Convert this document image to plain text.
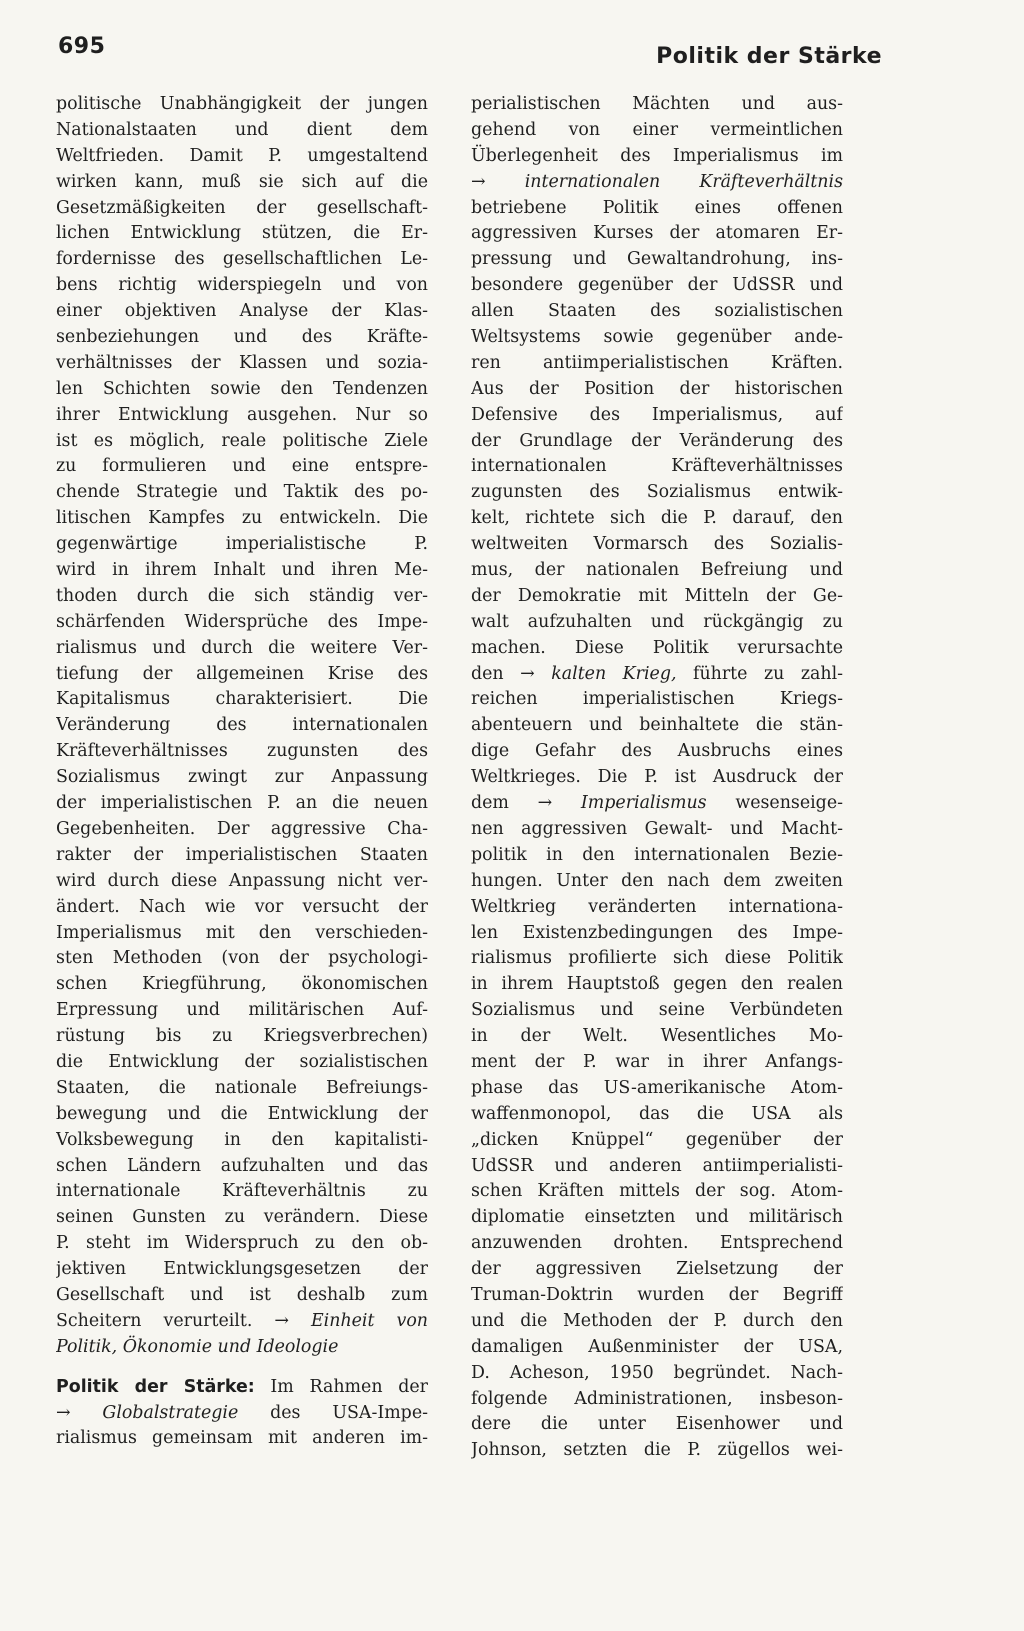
695	Politik der Stärke
politische Unabhängigkeit der jungen
Nationalstaaten und dient dem
Weltfrieden. Damit P. umgestaltend
wirken kann, muß sie sich auf die
Gesetzmäßigkeiten der gesellschaft-
lichen Entwicklung stützen, die Er-
fordernisse des gesellschaftlichen Le-
bens richtig widerspiegeln und von
einer objektiven Analyse der Klas-
senbeziehungen und des Kräfte-
verhältnisses der Klassen und sozia-
len Schichten sowie den Tendenzen
ihrer Entwicklung ausgehen. Nur so
ist es möglich, reale politische Ziele
zu formulieren und eine entspre-
chende Strategie und Taktik des po-
litischen Kampfes zu entwickeln. Die
gegenwärtige imperialistische P.
wird in ihrem Inhalt und ihren Me-
thoden durch die sich ständig ver-
schärfenden Widersprüche des Impe-
rialismus und durch die weitere Ver-
tiefung der allgemeinen Krise des
Kapitalismus charakterisiert. Die
Veränderung des internationalen
Kräfteverhältnisses zugunsten des
Sozialismus zwingt zur Anpassung
der imperialistischen P. an die neuen
Gegebenheiten. Der aggressive Cha-
rakter der imperialistischen Staaten
wird durch diese Anpassung nicht ver-
ändert. Nach wie vor versucht der
Imperialismus mit den verschieden-
sten Methoden (von der psychologi-
schen Kriegführung, ökonomischen
Erpressung und militärischen Auf-
rüstung bis zu Kriegsverbrechen)
die Entwicklung der sozialistischen
Staaten, die nationale Befreiungs-
bewegung und die Entwicklung der
Volksbewegung in den kapitalisti-
schen Ländern aufzuhalten und das
internationale Kräfteverhältnis zu
seinen Gunsten zu verändern. Diese
P. steht im Widerspruch zu den ob-
jektiven Entwicklungsgesetzen der
Gesellschaft und ist deshalb zum
Scheitern verurteilt. → Einheit von
Politik, Ökonomie und Ideologie
Politik der Stärke: Im Rahmen der
→ Globalstrategie des USA-Impe-
rialismus gemeinsam mit anderen im-
perialistischen Mächten und aus-
gehend von einer vermeintlichen
Überlegenheit des Imperialismus im
→ internationalen Kräfteverhältnis
betriebene Politik eines offenen
aggressiven Kurses der atomaren Er-
pressung und Gewaltandrohung, ins-
besondere gegenüber der UdSSR und
allen Staaten des sozialistischen
Weltsystems sowie gegenüber ande-
ren antiimperialistischen Kräften.
Aus der Position der historischen
Defensive des Imperialismus, auf
der Grundlage der Veränderung des
internationalen Kräfteverhältnisses
zugunsten des Sozialismus entwik-
kelt, richtete sich die P. darauf, den
weltweiten Vormarsch des Sozialis-
mus, der nationalen Befreiung und
der Demokratie mit Mitteln der Ge-
walt aufzuhalten und rückgängig zu
machen. Diese Politik verursachte
den → kalten Krieg, führte zu zahl-
reichen imperialistischen Kriegs-
abenteuern und beinhaltete die stän-
dige Gefahr des Ausbruchs eines
Weltkrieges. Die P. ist Ausdruck der
dem → Imperialismus wesenseige-
nen aggressiven Gewalt- und Macht-
politik in den internationalen Bezie-
hungen. Unter den nach dem zweiten
Weltkrieg veränderten internationa-
len Existenzbedingungen des Impe-
rialismus profilierte sich diese Politik
in ihrem Hauptstoß gegen den realen
Sozialismus und seine Verbündeten
in der Welt. Wesentliches Mo-
ment der P. war in ihrer Anfangs-
phase das US-amerikanische Atom-
waffenmonopol, das die USA als
„dicken Knüppel“ gegenüber der
UdSSR und anderen antiimperialisti-
schen Kräften mittels der sog. Atom-
diplomatie einsetzten und militärisch
anzuwenden drohten. Entsprechend
der aggressiven Zielsetzung der
Truman-Doktrin wurden der Begriff
und die Methoden der P. durch den
damaligen Außenminister der USA,
D. Acheson, 1950 begründet. Nach-
folgende Administrationen, insbeson-
dere die unter Eisenhower und
Johnson, setzten die P. zügellos wei-
